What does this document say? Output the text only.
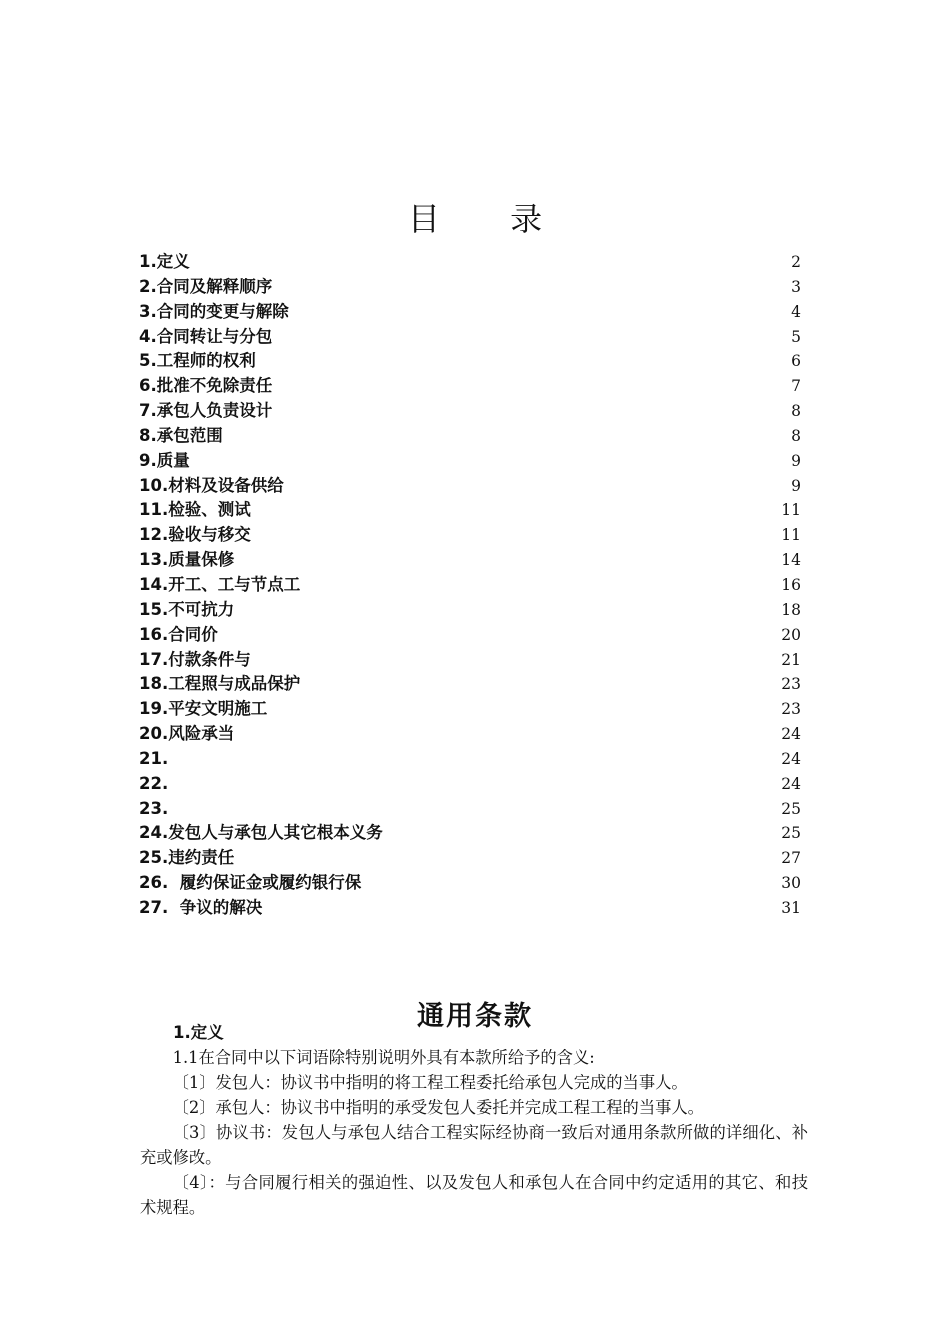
目 录
1.定义	2
2.合同及解释顺序	3
3.合同的变更与解除	4
4.合同转让与分包	5
5.工程师的权利	6
6.批准不免除责任	7
7.承包人负责设计	8
8.承包范围	8
9.质量	9
10.材料及设备供给	9
11.检验、测试	11
12.验收与移交	11
13.质量保修	14
14.开工、工与节点工	16
15.不可抗力	18
16.合同价	20
17.付款条件与	21
18.工程照与成品保护	23
19.平安文明施工	23
20.风险承当	24
21.	24
22.	24
23.	25
24.发包人与承包人其它根本义务	25
25.违约责任	27
26.  履约保证金或履约银行保	30
27.  争议的解决	31
通用条款

1.定义

1.1在合同中以下词语除特别说明外具有本款所给予的含义:

〔1〕发包人：协议书中指明的将工程工程委托给承包人完成的当事人。

〔2〕承包人：协议书中指明的承受发包人委托并完成工程工程的当事人。

〔3〕协议书：发包人与承包人结合工程实际经协商一致后对通用条款所做的详细化、补充或修改。

〔4〕：与合同履行相关的强迫性、以及发包人和承包人在合同中约定适用的其它、和技术规程。
